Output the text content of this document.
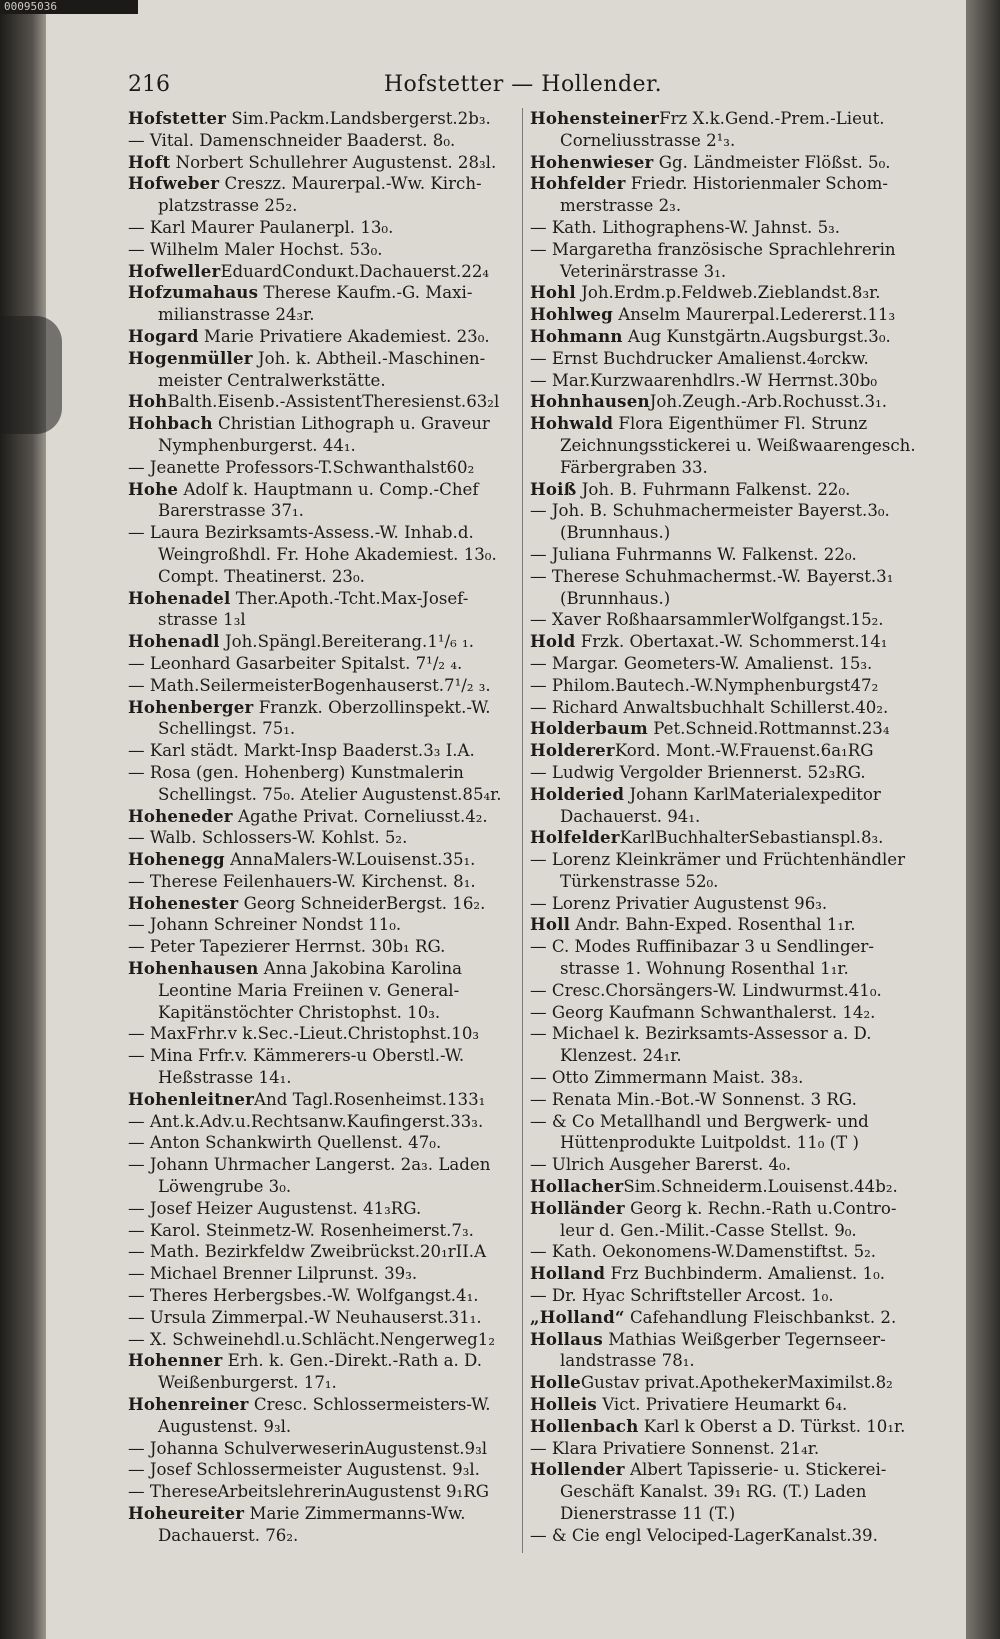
00095036
216	Hofstetter — Hollender.
Hofstetter Sim.Packm.Landsbergerst.2b₃.
— Vital. Damenschneider Baaderst. 8₀.
Hoft Norbert Schullehrer Augustenst. 28₃l.
Hofweber Creszz. Maurerpal.-Ww. Kirch-
platzstrasse 25₂.
— Karl Maurer Paulanerpl. 13₀.
— Wilhelm Maler Hochst. 53₀.
HofwellerEduardConduкt.Dachauerst.22₄
Hofzumahaus Therese Kaufm.-G. Maxi-
milianstrasse 24₃r.
Hogard Marie Privatiere Akademiest. 23₀.
Hogenmüller Joh. k. Abtheil.-Maschinen-
meister Centralwerkstätte.
HohBalth.Eisenb.-AssistentTheresienst.63₂l
Hohbach Christian Lithograph u. Graveur
Nymphenburgerst. 44₁.
— Jeanette Professors-T.Schwanthalst60₂
Hohe Adolf k. Hauptmann u. Comp.-Chef
Barerstrasse 37₁.
— Laura Bezirksamts-Assess.-W. Inhab.d.
Weingroßhdl. Fr. Hohe Akademiest. 13₀.
Compt. Theatinerst. 23₀.
Hohenadel Ther.Apoth.-Tcht.Max-Josef-
strasse 1₃l
Hohenadl Joh.Spängl.Bereiterang.1¹/₆ ₁.
— Leonhard Gasarbeiter Spitalst. 7¹/₂ ₄.
— Math.SeilermeisterBogenhauserst.7¹/₂ ₃.
Hohenberger Franzk. Oberzollinspekt.-W.
Schellingst. 75₁.
— Karl städt. Markt-Insp Baaderst.3₃ I.A.
— Rosa (gen. Hohenberg) Kunstmalerin
Schellingst. 75₀. Atelier Augustenst.85₄r.
Hoheneder Agathe Privat. Corneliusst.4₂.
— Walb. Schlossers-W. Kohlst. 5₂.
Hohenegg AnnaMalers-W.Louisenst.35₁.
— Therese Feilenhauers-W. Kirchenst. 8₁.
Hohenester Georg SchneiderBergst. 16₂.
— Johann Schreiner Nondst 11₀.
— Peter Tapezierer Herrnst. 30b₁ RG.
Hohenhausen Anna Jakobina Karolina
Leontine Maria Freiinen v. General-
Kapitänstöchter Christophst. 10₃.
— MaxFrhr.v k.Sec.-Lieut.Christophst.10₃
— Mina Frfr.v. Kämmerers-u Oberstl.-W.
Heßstrasse 14₁.
HohenleitnerAnd Tagl.Rosenheimst.133₁
— Ant.k.Adv.u.Rechtsanw.Kaufingerst.33₃.
— Anton Schankwirth Quellenst. 47₀.
— Johann Uhrmacher Langerst. 2a₃. Laden
Löwengrube 3₀.
— Josef Heizer Augustenst. 41₃RG.
— Karol. Steinmetz-W. Rosenheimerst.7₃.
— Math. Bezirkfeldw Zweibrückst.20₁rII.A
— Michael Brenner Lilprunst. 39₃.
— Theres Herbergsbes.-W. Wolfgangst.4₁.
— Ursula Zimmerpal.-W Neuhauserst.31₁.
— X. Schweinehdl.u.Schlächt.Nengerweg1₂
Hohenner Erh. k. Gen.-Direkt.-Rath a. D.
Weißenburgerst. 17₁.
Hohenreiner Cresc. Schlossermeisters-W.
Augustenst. 9₃l.
— Johanna SchulverweserinAugustenst.9₃l
— Josef Schlossermeister Augustenst. 9₃l.
— TheresеArbeitslehrerinAugustenst 9₁RG
Hoheureiter Marie Zimmermanns-Ww.
Dachauerst. 76₂.
HohensteinerFrz X.k.Gend.-Prem.-Lieut.
Corneliusstrasse 2¹₃.
Hohenwieser Gg. Ländmeister Flößst. 5₀.
Hohfelder Friedr. Historienmaler Schom-
merstrasse 2₃.
— Kath. Lithographens-W. Jahnst. 5₃.
— Margaretha französische Sprachlehrerin
Veterinärstrasse 3₁.
Hohl Joh.Erdm.p.Feldweb.Zieblandst.8₃r.
Hohlweg Anselm Maurerpal.Ledererst.11₃
Hohmann Aug Kunstgärtn.Augsburgst.3₀.
— Ernst Buchdrucker Amalienst.4₀rckw.
— Mar.Kurzwaarenhdlrs.-W Herrnst.30b₀
HohnhausenJoh.Zeugh.-Arb.Rochusst.3₁.
Hohwald Flora Eigenthümer Fl. Strunz
Zeichnungsstickerei u. Weißwaarengesch.
Färbergraben 33.
Hoiß Joh. B. Fuhrmann Falkenst. 22₀.
— Joh. B. Schuhmachermeister Bayerst.3₀.
(Brunnhaus.)
— Juliana Fuhrmanns W. Falkenst. 22₀.
— Therese Schuhmachermst.-W. Bayerst.3₁
(Brunnhaus.)
— Xaver RoßhaarsammlerWolfgangst.15₂.
Hold Frzk. Obertaxat.-W. Schommerst.14₁
— Margar. Geometers-W. Amalienst. 15₃.
— Philom.Bautech.-W.Nymphenburgst47₂
— Richard Anwaltsbuchhalt Schillerst.40₂.
Holderbaum Pet.Schneid.Rottmannst.23₄
HoldererKord. Mont.-W.Frauenst.6a₁RG
— Ludwig Vergolder Briennerst. 52₃RG.
Holderied Johann KarlMaterialexpeditor
Dachauerst. 94₁.
HolfelderKarlBuchhalterSebastianspl.8₃.
— Lorenz Kleinkrämer und Früchtenhändler
Türkenstrasse 52₀.
— Lorenz Privatier Augustenst 96₃.
Holl Andr. Bahn-Exped. Rosenthal 1₁r.
— C. Modes Ruffinibazar 3 u Sendlinger-
strasse 1. Wohnung Rosenthal 1₁r.
— Cresc.Chorsängers-W. Lindwurmst.41₀.
— Georg Kaufmann Schwanthalerst. 14₂.
— Michael k. Bezirksamts-Assessor a. D.
Klenzest. 24₁r.
— Otto Zimmermann Maist. 38₃.
— Renata Min.-Bot.-W Sonnenst. 3 RG.
— & Co Metallhandl und Bergwerk- und
Hüttenprodukte Luitpoldst. 11₀ (T )
— Ulrich Ausgeher Barerst. 4₀.
HollacherSim.Schneiderm.Louisenst.44b₂.
Holländer Georg k. Rechn.-Rath u.Contro-
leur d. Gen.-Milit.-Casse Stellst. 9₀.
— Kath. Oekonomens-W.Damenstiftst. 5₂.
Holland Frz Buchbinderm. Amalienst. 1₀.
— Dr. Hyac Schriftsteller Arcost. 1₀.
„Holland“ Cafehandlung Fleischbankst. 2.
Hollaus Mathias Weißgerber Tegernseer-
landstrasse 78₁.
HolleGustav privat.ApothekerMaximilst.8₂
Holleis Vict. Privatiere Heumarkt 6₄.
Hollenbach Karl k Oberst a D. Türkst. 10₁r.
— Klara Privatiere Sonnenst. 21₄r.
Hollender Albert Tapisserie- u. Stickerei-
Geschäft Kanalst. 39₁ RG. (T.) Laden
Dienerstrasse 11 (T.)
— & Cie engl Velociped-LagerKanalst.39.
